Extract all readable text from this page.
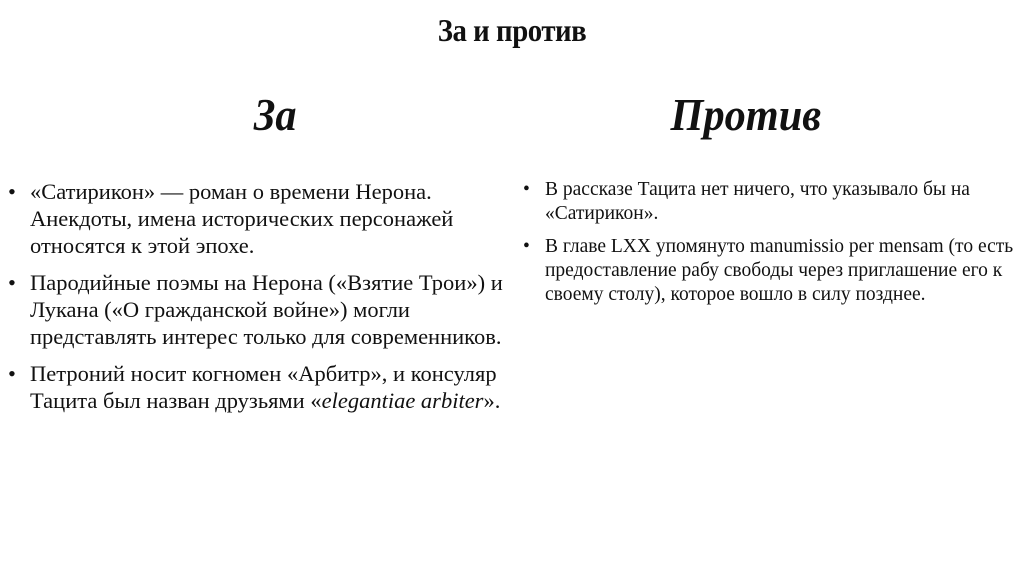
За и против
За	Против
• «Сатирикон» — роман о времени Нерона. Анекдоты, имена исторических персонажей относятся к этой эпохе.
• Пародийные поэмы на Нерона («Взятие Трои») и Лукана («О гражданской войне») могли представлять интерес только для современников.
• Петроний носит когномен «Арбитр», и консуляр Тацита был назван друзьями «elegantiae arbiter».
• В рассказе Тацита нет ничего, что указывало бы на «Сатирикон».
• В главе LXX упомянуто manumissio per mensam (то есть предоставление рабу свободы через приглашение его к своему столу), которое вошло в силу позднее.
